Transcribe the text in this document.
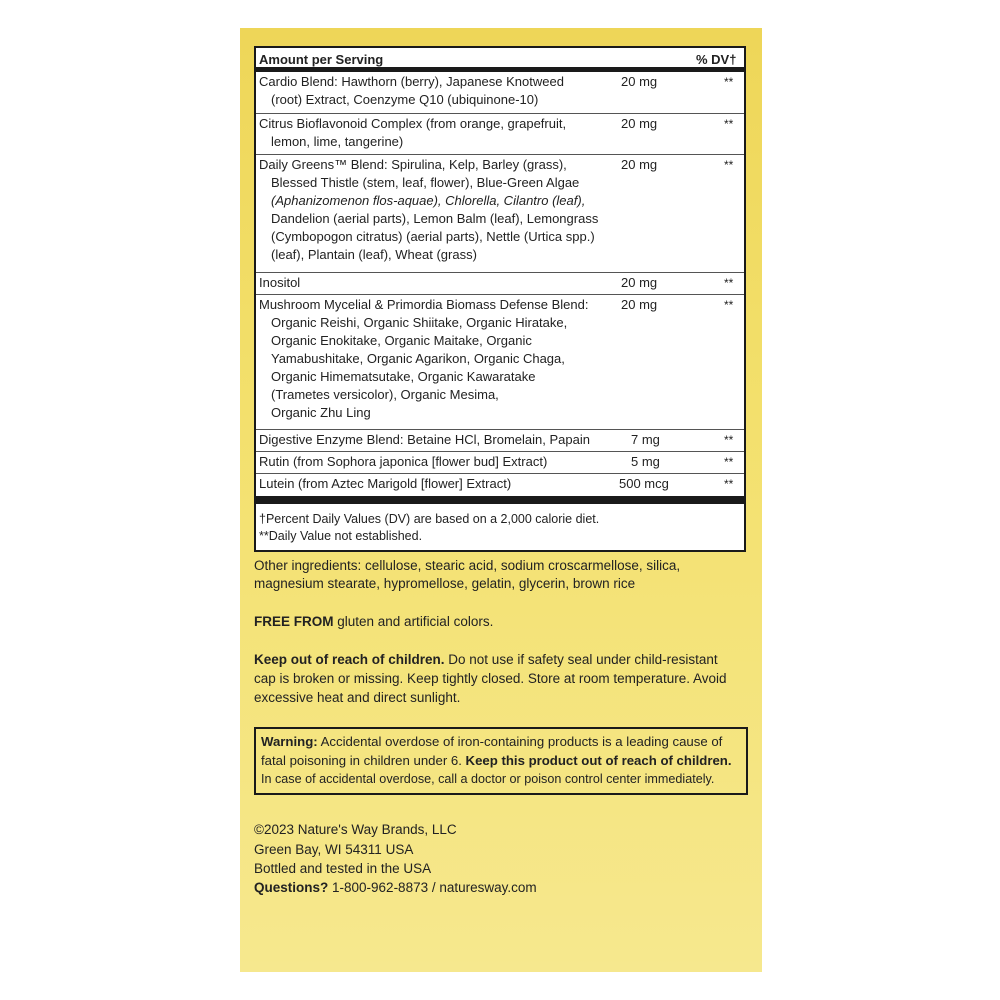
Amount per Serving	% DV†
Cardio Blend: Hawthorn (berry), Japanese Knotweed
(root) Extract, Coenzyme Q10 (ubiquinone-10)
20 mg	**
Citrus Bioflavonoid Complex (from orange, grapefruit,
lemon, lime, tangerine)
20 mg	**
Daily Greens™ Blend: Spirulina, Kelp, Barley (grass),
Blessed Thistle (stem, leaf, flower), Blue-Green Algae
(Aphanizomenon flos-aquae), Chlorella, Cilantro (leaf),
Dandelion (aerial parts), Lemon Balm (leaf), Lemongrass
(Cymbopogon citratus) (aerial parts), Nettle (Urtica spp.)
(leaf), Plantain (leaf), Wheat (grass)
20 mg	**
Inositol	20 mg	**
Mushroom Mycelial & Primordia Biomass Defense Blend:
Organic Reishi, Organic Shiitake, Organic Hiratake,
Organic Enokitake, Organic Maitake, Organic
Yamabushitake, Organic Agarikon, Organic Chaga,
Organic Himematsutake, Organic Kawaratake
(Trametes versicolor), Organic Mesima,
Organic Zhu Ling
20 mg	**
Digestive Enzyme Blend: Betaine HCl, Bromelain, Papain	7 mg	**
Rutin (from Sophora japonica [flower bud] Extract)	5 mg	**
Lutein (from Aztec Marigold [flower] Extract)	500 mcg	**
†Percent Daily Values (DV) are based on a 2,000 calorie diet.
**Daily Value not established.
Other ingredients: cellulose, stearic acid, sodium croscarmellose, silica,
magnesium stearate, hypromellose, gelatin, glycerin, brown rice
FREE FROM gluten and artificial colors.
Keep out of reach of children. Do not use if safety seal under child-resistant
cap is broken or missing. Keep tightly closed. Store at room temperature. Avoid
excessive heat and direct sunlight.
Warning: Accidental overdose of iron-containing products is a leading cause of
fatal poisoning in children under 6. Keep this product out of reach of children.
In case of accidental overdose, call a doctor or poison control center immediately.
©2023 Nature's Way Brands, LLC
Green Bay, WI 54311 USA
Bottled and tested in the USA
Questions? 1-800-962-8873 / naturesway.com
